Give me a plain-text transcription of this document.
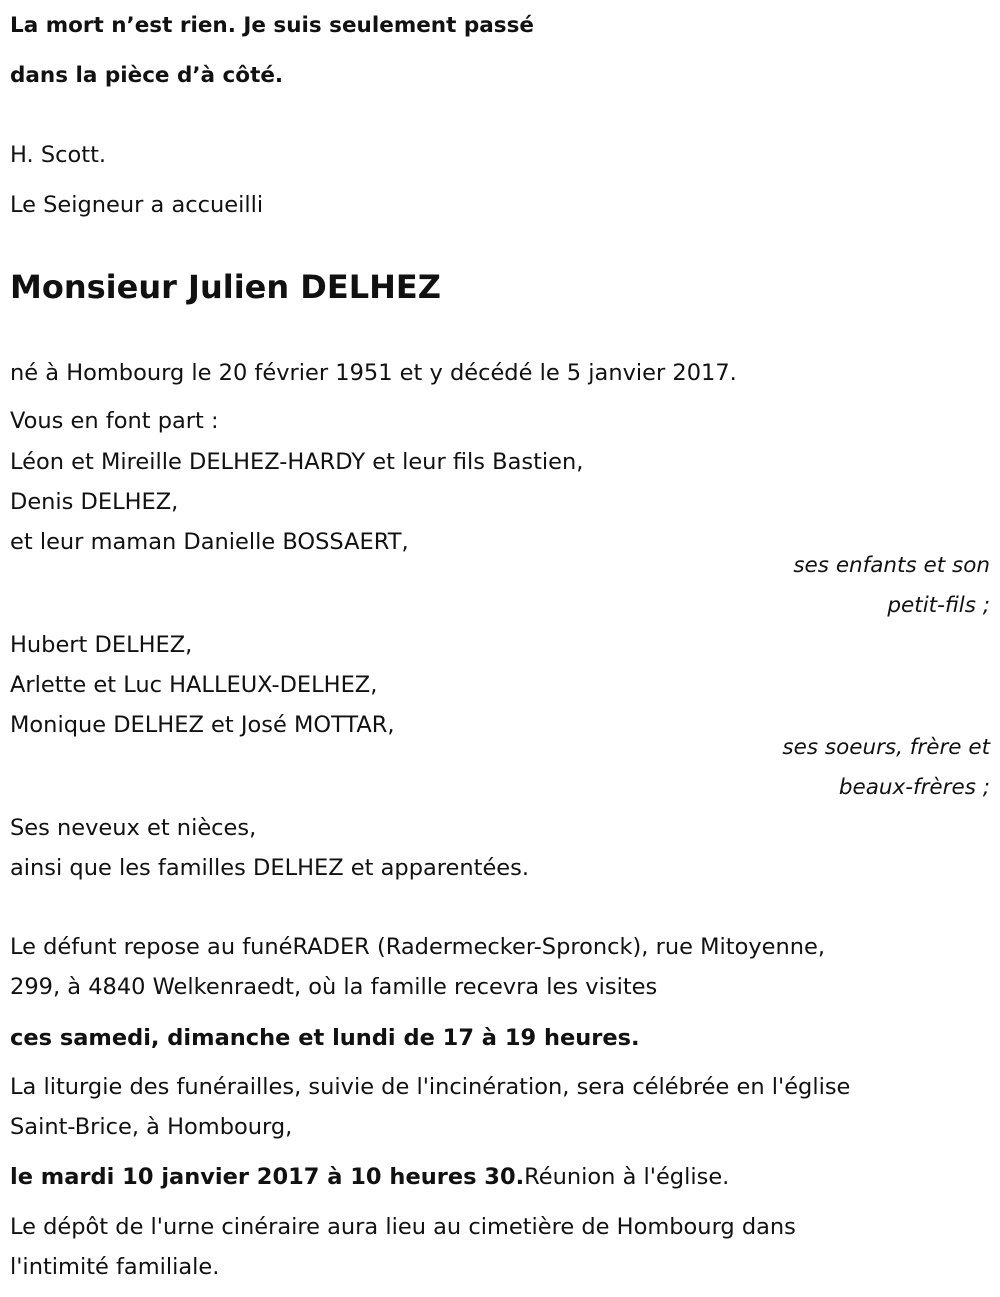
La mort n’est rien. Je suis seulement passé
dans la pièce d’à côté.
H. Scott.
Le Seigneur a accueilli
Monsieur Julien DELHEZ
né à Hombourg le 20 février 1951 et y décédé le 5 janvier 2017.
Vous en font part :
Léon et Mireille DELHEZ-HARDY et leur fils Bastien,
Denis DELHEZ,
et leur maman Danielle BOSSAERT,
ses enfants et son
petit-fils ;
Hubert DELHEZ,
Arlette et Luc HALLEUX-DELHEZ,
Monique DELHEZ et José MOTTAR,
ses soeurs, frère et
beaux-frères ;
Ses neveux et nièces,
ainsi que les familles DELHEZ et apparentées.
Le défunt repose au funéRADER (Radermecker-Spronck), rue Mitoyenne,
299, à 4840 Welkenraedt, où la famille recevra les visites
ces samedi, dimanche et lundi de 17 à 19 heures.
La liturgie des funérailles, suivie de l'incinération, sera célébrée en l'église
Saint-Brice, à Hombourg,
le mardi 10 janvier 2017 à 10 heures 30.Réunion à l'église.
Le dépôt de l'urne cinéraire aura lieu au cimetière de Hombourg dans
l'intimité familiale.
